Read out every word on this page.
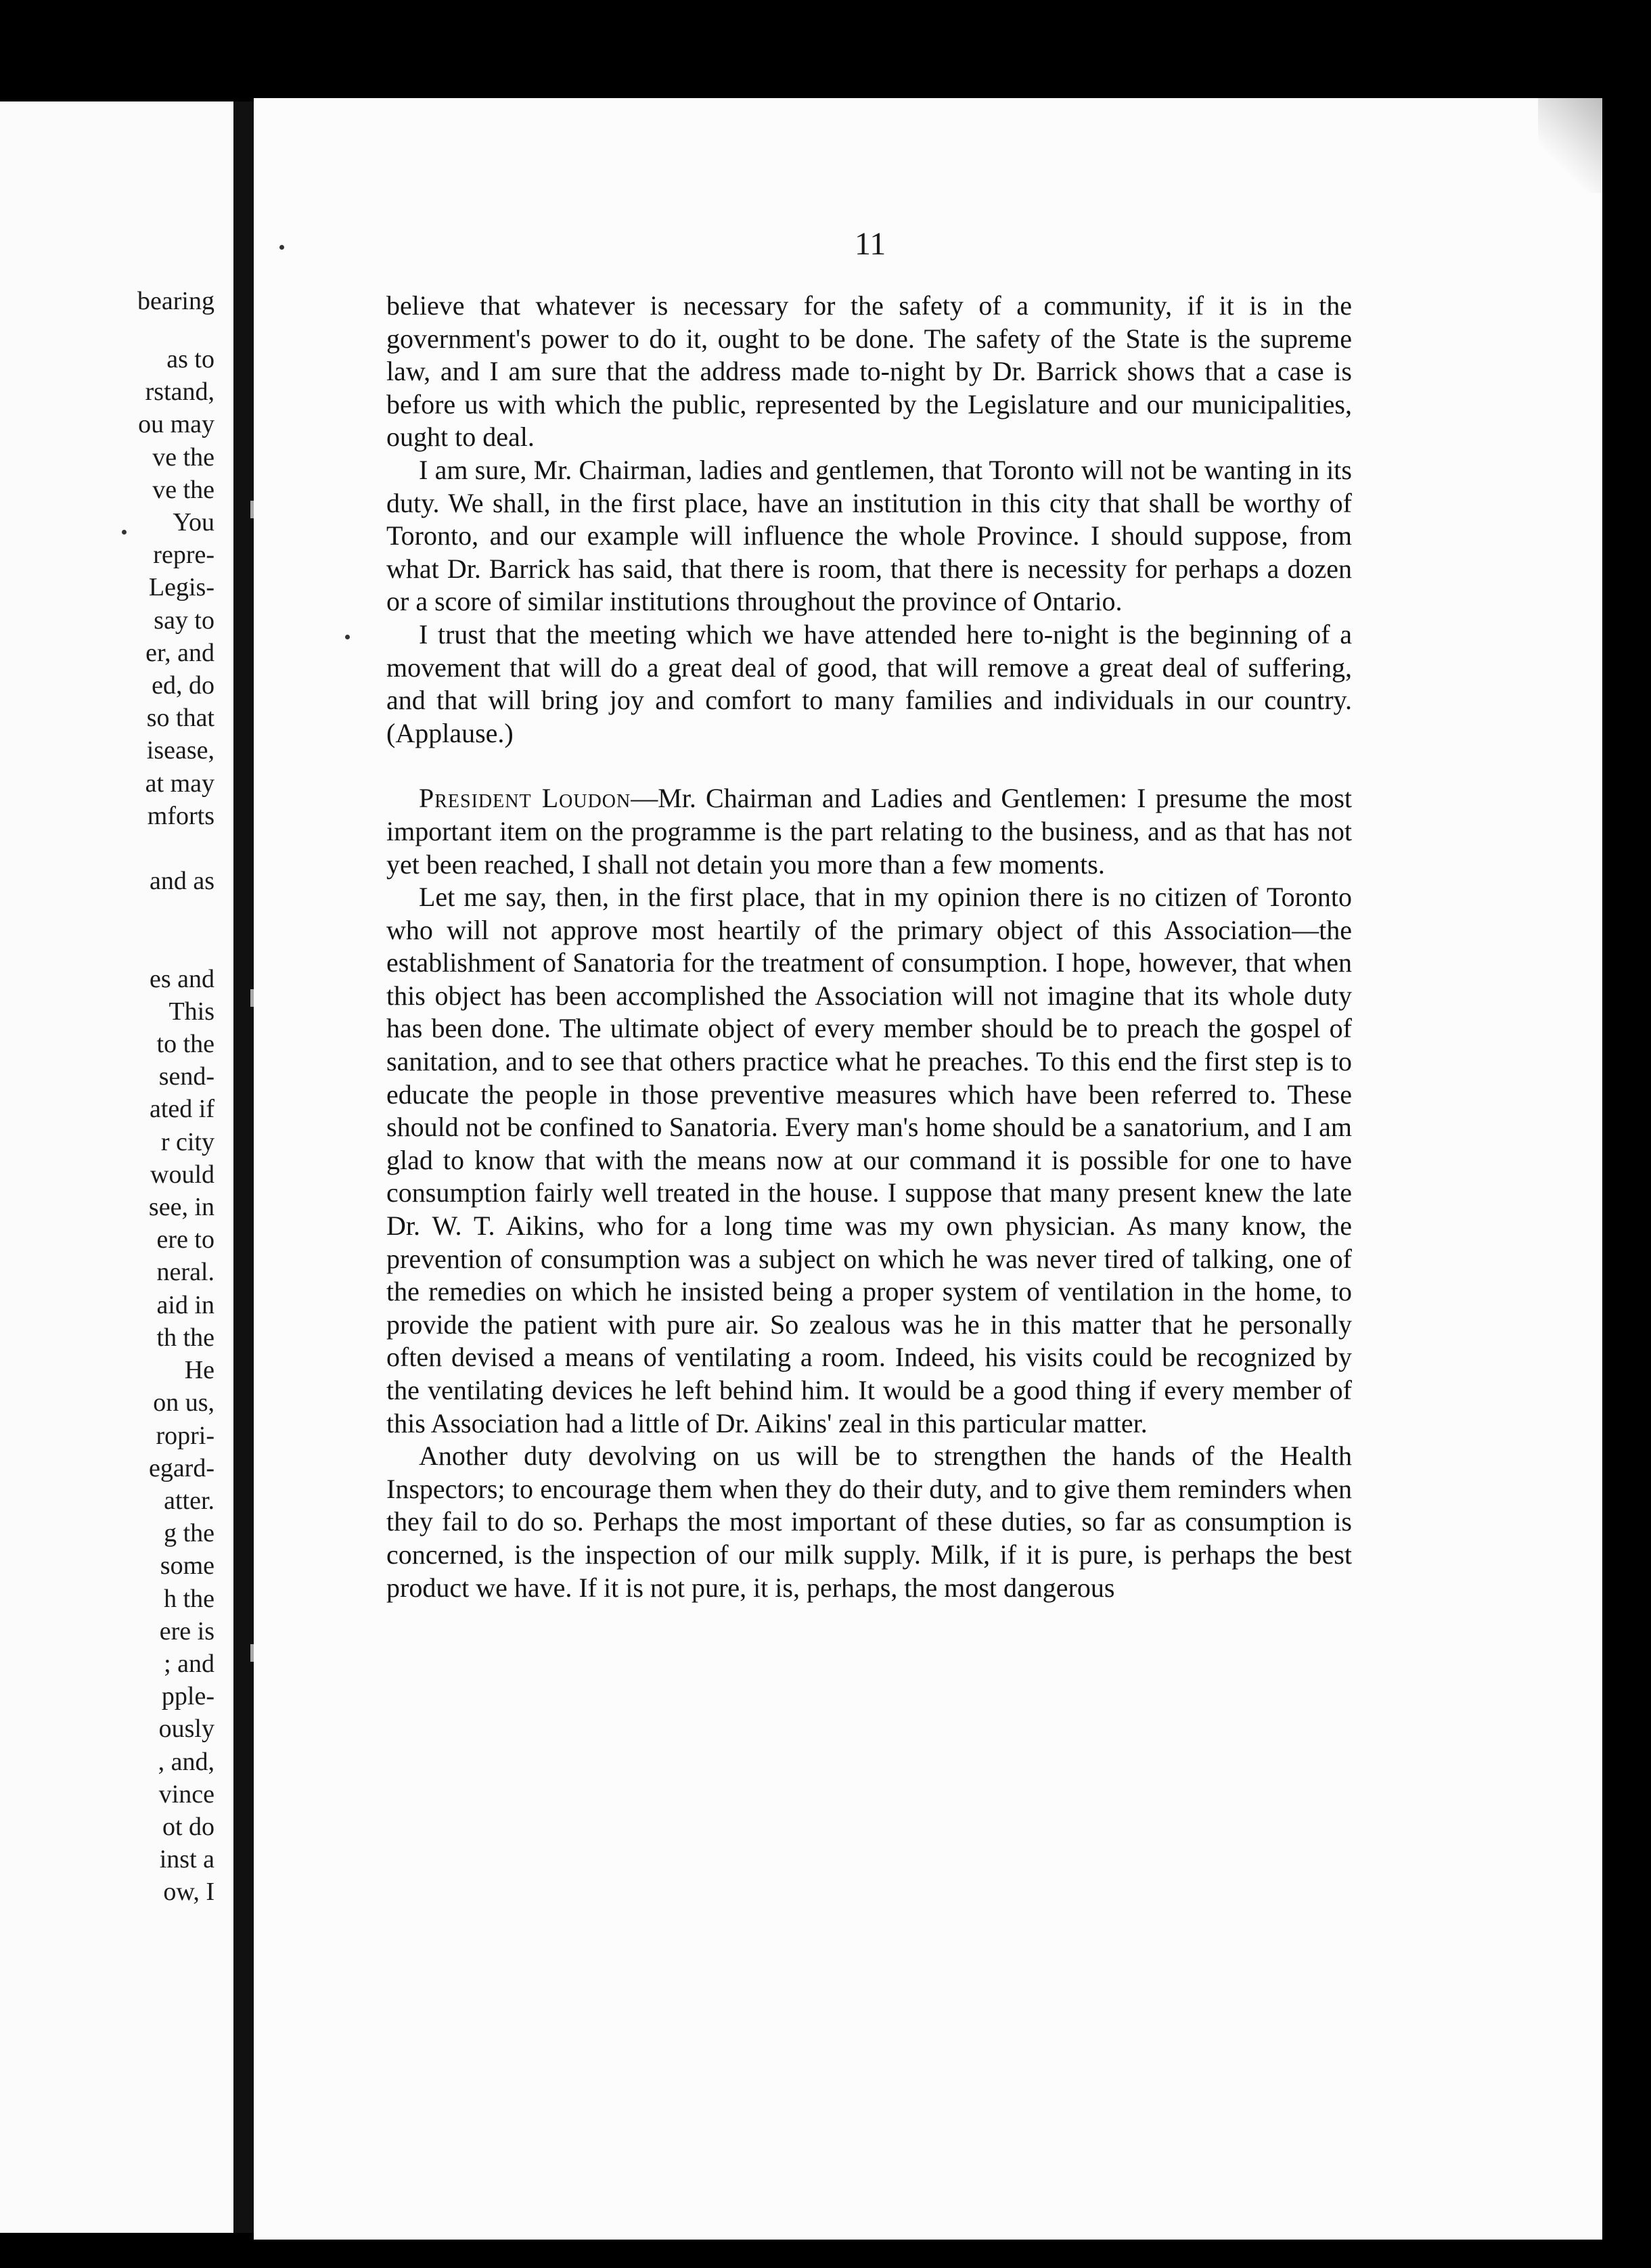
bearing
as to
rstand,
ou may
ve the
ve the
You
repre-
Legis-
say to
er, and
ed, do
so that
isease,
at may
mforts
and as
es and
This
to the
send-
ated if
r city
would
see, in
ere to
neral.
aid in
th the
He
on us,
ropri-
egard-
atter.
g the
some
h the
ere is
; and
pple-
ously
, and,
vince
ot do
inst a
ow, I
11

believe that whatever is necessary for the safety of a community, if it is in the government's power to do it, ought to be done. The safety of the State is the supreme law, and I am sure that the address made to-night by Dr. Barrick shows that a case is before us with which the public, represented by the Legislature and our municipalities, ought to deal.

I am sure, Mr. Chairman, ladies and gentlemen, that Toronto will not be wanting in its duty. We shall, in the first place, have an institution in this city that shall be worthy of Toronto, and our example will influence the whole Province. I should suppose, from what Dr. Barrick has said, that there is room, that there is necessity for perhaps a dozen or a score of similar institutions throughout the province of Ontario.

I trust that the meeting which we have attended here to-night is the beginning of a movement that will do a great deal of good, that will remove a great deal of suffering, and that will bring joy and comfort to many families and individuals in our country. (Applause.)

President Loudon—Mr. Chairman and Ladies and Gentlemen: I presume the most important item on the programme is the part relating to the business, and as that has not yet been reached, I shall not detain you more than a few moments.

Let me say, then, in the first place, that in my opinion there is no citizen of Toronto who will not approve most heartily of the primary object of this Association—the establishment of Sanatoria for the treatment of consumption. I hope, however, that when this object has been accomplished the Association will not imagine that its whole duty has been done. The ultimate object of every member should be to preach the gospel of sanitation, and to see that others practice what he preaches. To this end the first step is to educate the people in those preventive measures which have been referred to. These should not be confined to Sanatoria. Every man's home should be a sanatorium, and I am glad to know that with the means now at our command it is possible for one to have consumption fairly well treated in the house. I suppose that many present knew the late Dr. W. T. Aikins, who for a long time was my own physician. As many know, the prevention of consumption was a subject on which he was never tired of talking, one of the remedies on which he insisted being a proper system of ventilation in the home, to provide the patient with pure air. So zealous was he in this matter that he personally often devised a means of ventilating a room. Indeed, his visits could be recognized by the ventilating devices he left behind him. It would be a good thing if every member of this Association had a little of Dr. Aikins' zeal in this particular matter.

Another duty devolving on us will be to strengthen the hands of the Health Inspectors; to encourage them when they do their duty, and to give them reminders when they fail to do so. Perhaps the most important of these duties, so far as consumption is concerned, is the inspection of our milk supply. Milk, if it is pure, is perhaps the best product we have. If it is not pure, it is, perhaps, the most dangerous
